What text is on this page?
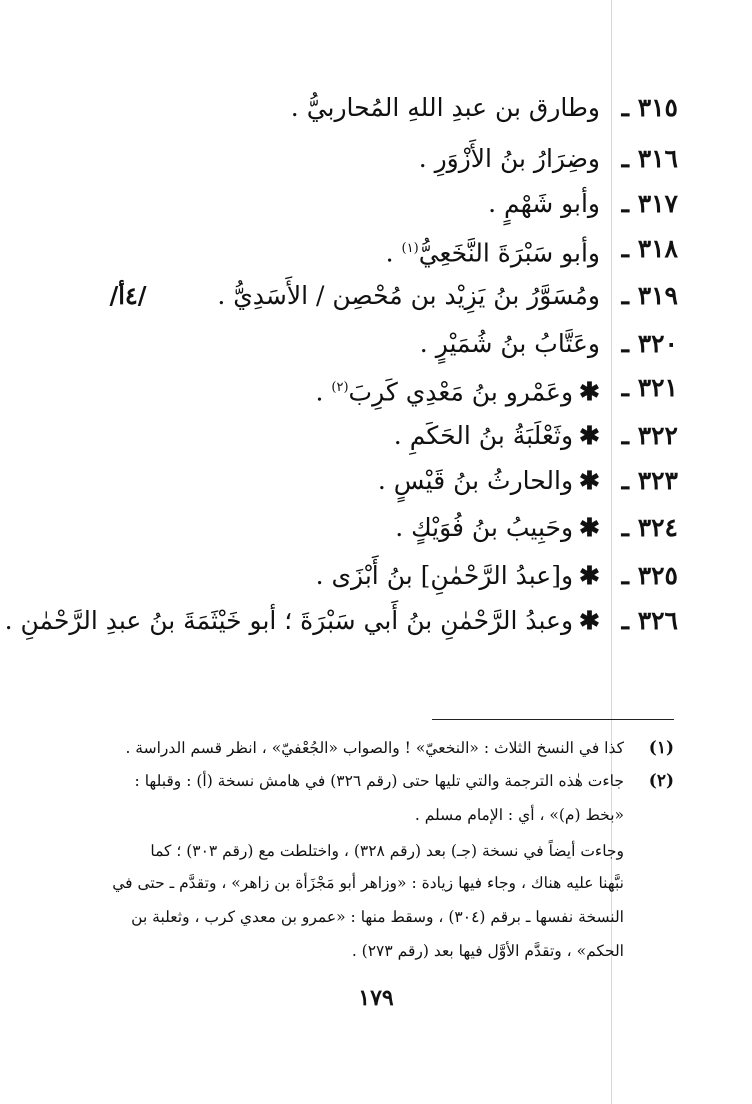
٣١٥ ـ
وطارق بن عبدِ اللهِ المُحاربيُّ .
٣١٦ ـ
وضِرَارُ بنُ الأَزْوَرِ .
٣١٧ ـ
وأبو شَهْمٍ .
٣١٨ ـ
وأبو سَبْرَةَ النَّخَعِيُّ$^{(١)}$ .
٣١٩ ـ
ومُسَوَّرُ بنُ يَزِيْد بن مُحْصِن / الأَسَدِيُّ .
٣٢٠ ـ
وعَتَّابُ بنُ شُمَيْرٍ .
٣٢١ ـ
✱وعَمْرو بنُ مَعْدِي كَرِبَ$^{(٢)}$ .
٣٢٢ ـ
✱وثَعْلَبَةُ بنُ الحَكَمِ .
٣٢٣ ـ
✱والحارثُ بنُ قَيْسٍ .
٣٢٤ ـ
✱وحَبِيبُ بنُ فُوَيْكٍ .
٣٢٥ ـ
✱و[عبدُ الرَّحْمٰنِ] بنُ أَبْزَى .
٣٢٦ ـ
✱وعبدُ الرَّحْمٰنِ بنُ أَبي سَبْرَةَ ؛ أبو خَيْثَمَةَ بنُ عبدِ الرَّحْمٰنِ .
/٤أ/
(١)
كذا في النسخ الثلاث : «النخعيّ» ! والصواب «الجُعْفيّ» ، انظر قسم الدراسة .
(٢)
جاءت هٰذه الترجمة والتي تليها حتى (رقم ٣٢٦) في هامش نسخة (أ) : وقبلها :
«بخط (م)» ، أي : الإمام مسلم .
وجاءت أيضاً في نسخة (جـ) بعد (رقم ٣٢٨) ، واختلطت مع (رقم ٣٠٣) ؛ كما
نبَّهنا عليه هناك ، وجاء فيها زيادة : «وزاهر أبو مَجْزَأة بن زاهر» ، وتقدَّم ـ حتى في
النسخة نفسها ـ برقم (٣٠٤) ، وسقط منها : «عمرو بن معدي كرب ، وثعلبة بن
الحكم» ، وتقدَّم الأوَّل فيها بعد (رقم ٢٧٣) .
١٧٩
